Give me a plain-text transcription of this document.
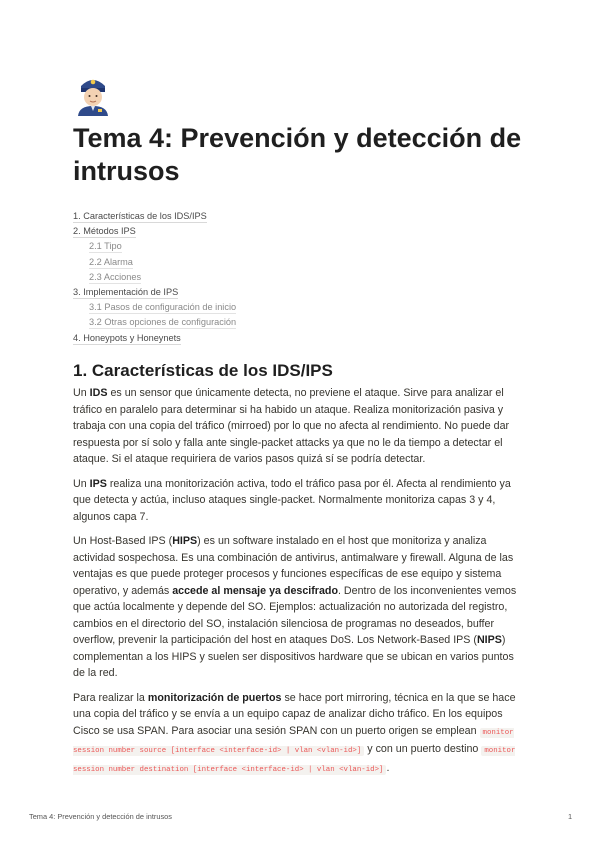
Tema 4: Prevención y detección de intrusos
1. Características de los IDS/IPS
2. Métodos IPS
2.1 Tipo
2.2 Alarma
2.3 Acciones
3. Implementación de IPS
3.1 Pasos de configuración de inicio
3.2 Otras opciones de configuración
4. Honeypots y Honeynets
1. Características de los IDS/IPS

Un IDS es un sensor que únicamente detecta, no previene el ataque. Sirve para analizar el tráfico en paralelo para determinar si ha habido un ataque. Realiza monitorización pasiva y trabaja con una copia del tráfico (mirroed) por lo que no afecta al rendimiento. No puede dar respuesta por sí solo y falla ante single-packet attacks ya que no le da tiempo a detectar el ataque. Si el ataque requiriera de varios pasos quizá sí se podría detectar.

Un IPS realiza una monitorización activa, todo el tráfico pasa por él. Afecta al rendimiento ya que detecta y actúa, incluso ataques single-packet. Normalmente monitoriza capas 3 y 4, algunos capa 7.

Un Host-Based IPS (HIPS) es un software instalado en el host que monitoriza y analiza actividad sospechosa. Es una combinación de antivirus, antimalware y firewall. Alguna de las ventajas es que puede proteger procesos y funciones específicas de ese equipo y sistema operativo, y además accede al mensaje ya descifrado. Dentro de los inconvenientes vemos que actúa localmente y depende del SO. Ejemplos: actualización no autorizada del registro, cambios en el directorio del SO, instalación silenciosa de programas no deseados, buffer overflow, prevenir la participación del host en ataques DoS. Los Network-Based IPS (NIPS) complementan a los HIPS y suelen ser dispositivos hardware que se ubican en varios puntos de la red.

Para realizar la monitorización de puertos se hace port mirroring, técnica en la que se hace una copia del tráfico y se envía a un equipo capaz de analizar dicho tráfico. En los equipos Cisco se usa SPAN. Para asociar una sesión SPAN con un puerto origen se emplean monitor session number source [interface <interface-id> | vlan <vlan-id>] y con un puerto destino monitor session number destination [interface <interface-id> | vlan <vlan-id>] .

Tema 4: Prevención y detección de intrusos	1
